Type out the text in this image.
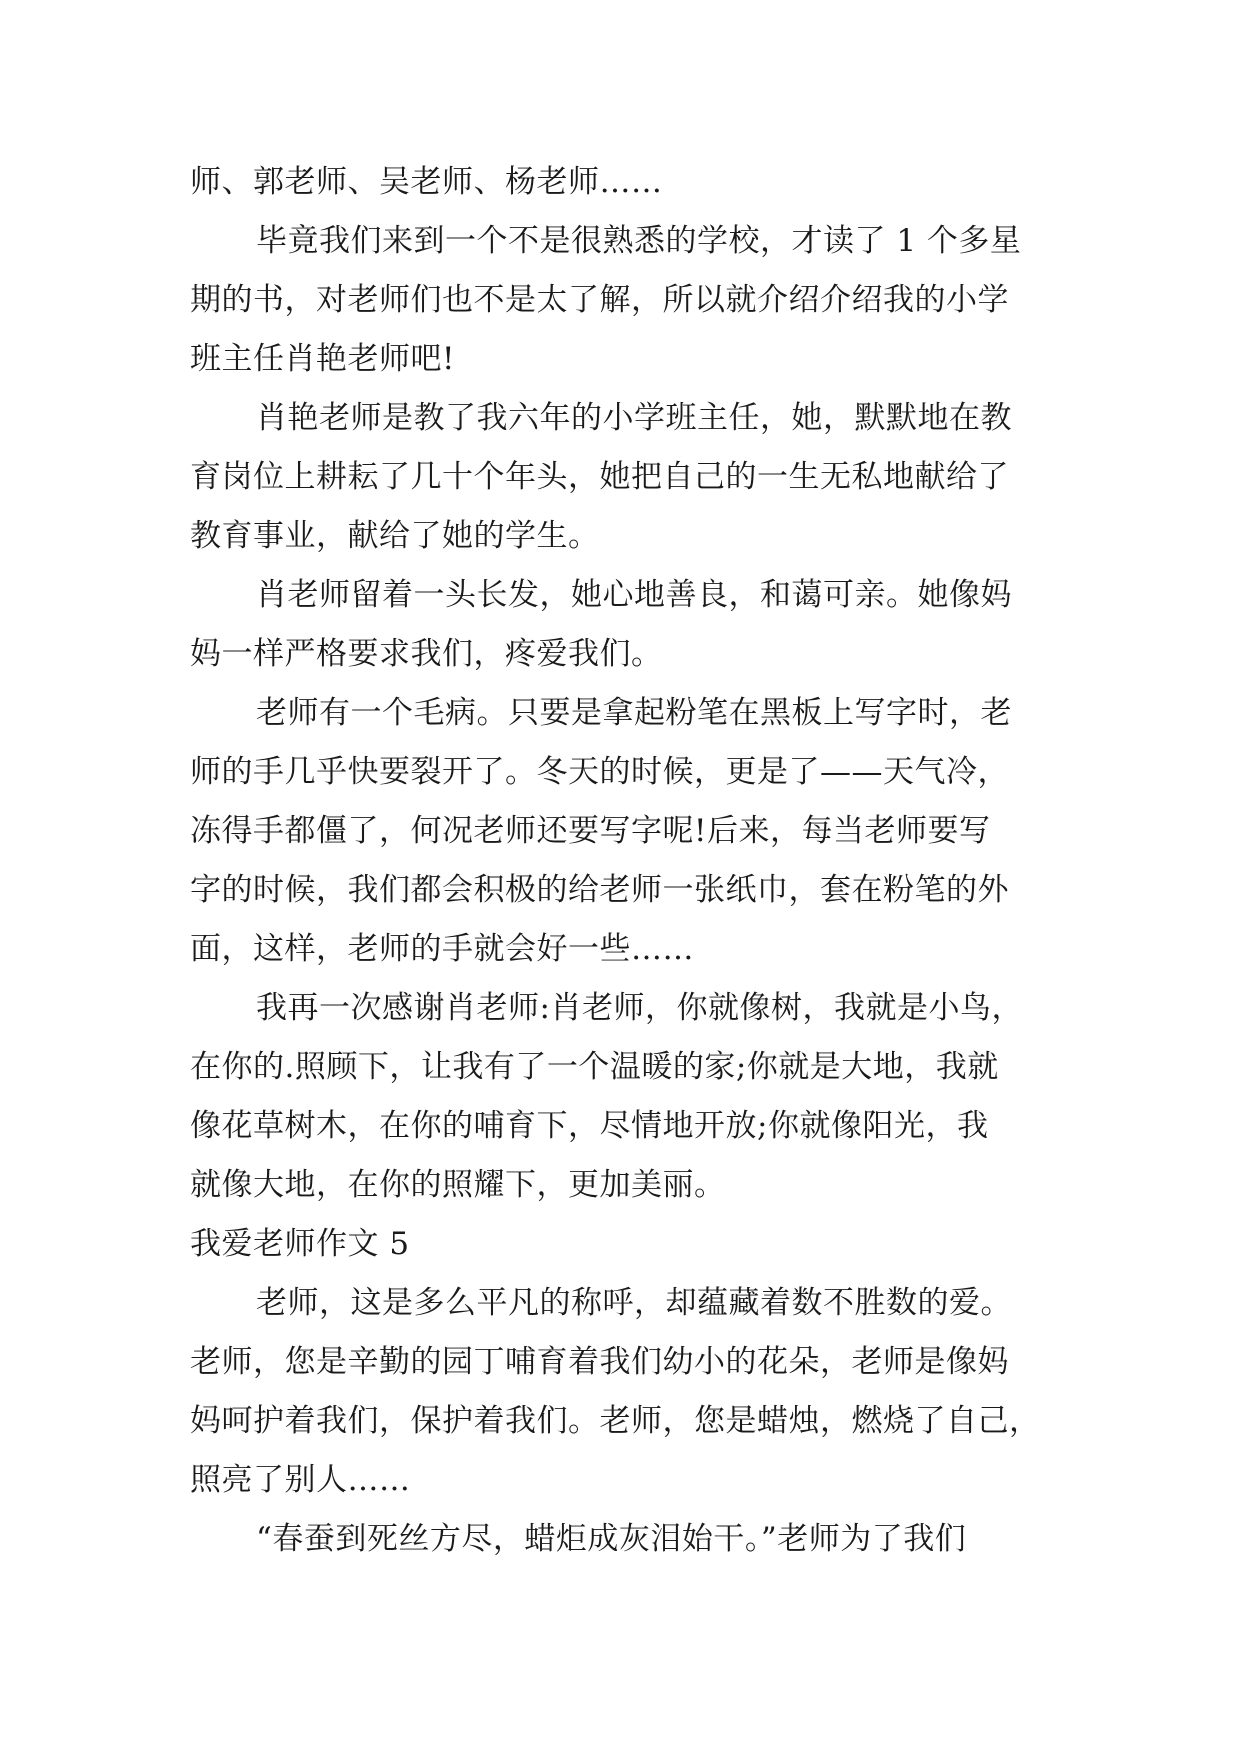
师、郭老师、吴老师、杨老师……
毕竟我们来到一个不是很熟悉的学校，才读了 1 个多星
期的书，对老师们也不是太了解，所以就介绍介绍我的小学
班主任肖艳老师吧!
肖艳老师是教了我六年的小学班主任，她，默默地在教
育岗位上耕耘了几十个年头，她把自己的一生无私地献给了
教育事业，献给了她的学生。
肖老师留着一头长发，她心地善良，和蔼可亲。她像妈
妈一样严格要求我们，疼爱我们。
老师有一个毛病。只要是拿起粉笔在黑板上写字时，老
师的手几乎快要裂开了。冬天的时候，更是了——天气冷，
冻得手都僵了，何况老师还要写字呢!后来，每当老师要写
字的时候，我们都会积极的给老师一张纸巾，套在粉笔的外
面，这样，老师的手就会好一些……
我再一次感谢肖老师:肖老师，你就像树，我就是小鸟，
在你的.照顾下，让我有了一个温暖的家;你就是大地，我就
像花草树木，在你的哺育下，尽情地开放;你就像阳光，我
就像大地，在你的照耀下，更加美丽。
我爱老师作文 5
老师，这是多么平凡的称呼，却蕴藏着数不胜数的爱。
老师，您是辛勤的园丁哺育着我们幼小的花朵，老师是像妈
妈呵护着我们，保护着我们。老师，您是蜡烛，燃烧了自己，
照亮了别人……
“春蚕到死丝方尽，蜡炬成灰泪始干。”老师为了我们
